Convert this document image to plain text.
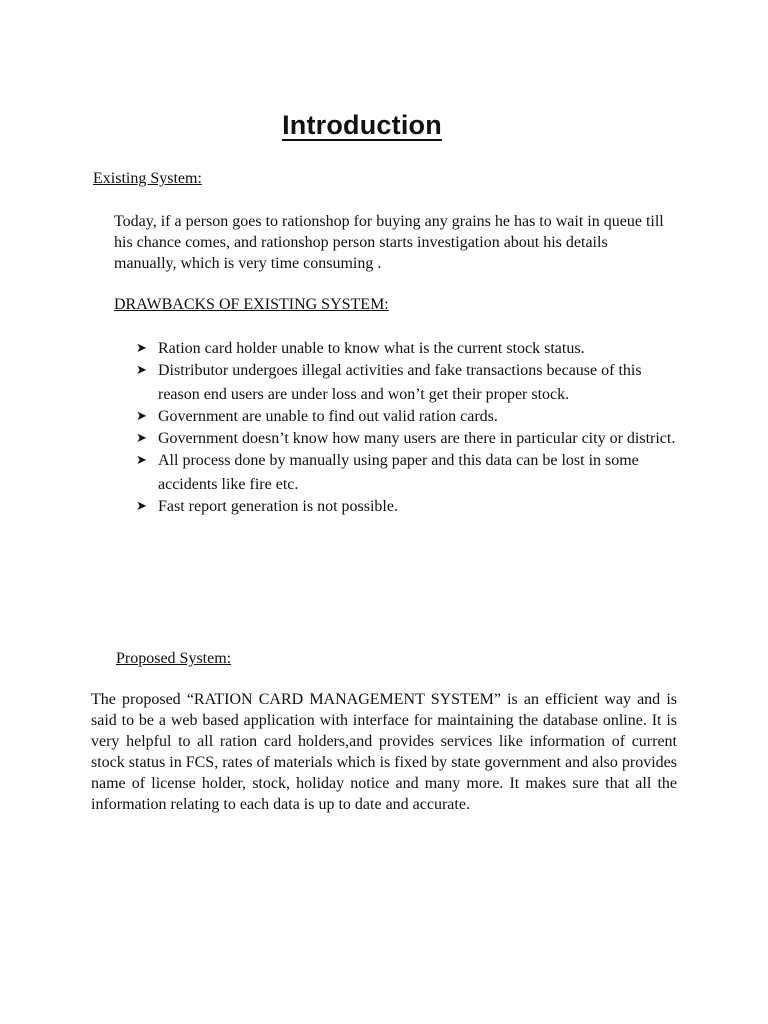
Introduction

Existing System:

Today, if a person goes to rationshop for buying any grains he has to wait in queue till his chance comes, and rationshop person starts investigation about his details manually, which is very time consuming .

DRAWBACKS OF EXISTING SYSTEM:

➤ Ration card holder unable to know what is the current stock status.
➤ Distributor undergoes illegal activities and fake transactions because of this reason end users are under loss and won’t get their proper stock.
➤ Government are unable to find out valid ration cards.
➤ Government doesn’t know how many users are there in particular city or district.
➤ All process done by manually using paper and this data can be lost in some accidents like fire etc.
➤ Fast report generation is not possible.

Proposed System:

The proposed “RATION CARD MANAGEMENT SYSTEM” is an efficient way and is said to be a web based application with interface for maintaining the database online. It is very helpful to all ration card holders,and provides services like information of current stock status in FCS, rates of materials which is fixed by state government and also provides name of license holder, stock, holiday notice and many more. It makes sure that all the information relating to each data is up to date and accurate.
